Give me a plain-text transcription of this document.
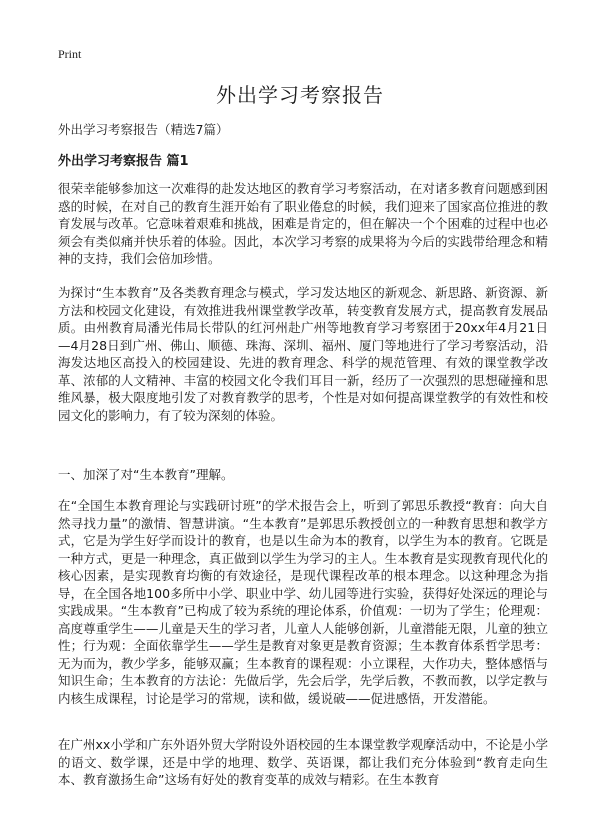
Print
外出学习考察报告

外出学习考察报告（精选7篇）

外出学习考察报告 篇1

很荣幸能够参加这一次难得的赴发达地区的教育学习考察活动，在对诸多教育问题感到困惑的时候，在对自己的教育生涯开始有了职业倦怠的时候，我们迎来了国家高位推进的教育发展与改革。它意味着艰难和挑战，困难是肯定的，但在解决一个个困难的过程中也必须会有类似痛并快乐着的体验。因此，本次学习考察的成果将为今后的实践带给理念和精神的支持，我们会倍加珍惜。

为探讨“生本教育”及各类教育理念与模式，学习发达地区的新观念、新思路、新资源、新方法和校园文化建设，有效推进我州课堂教学改革，转变教育发展方式，提高教育发展品质。由州教育局潘光伟局长带队的红河州赴广州等地教育学习考察团于20xx年4月21日—4月28日到广州、佛山、顺德、珠海、深圳、福州、厦门等地进行了学习考察活动，沿海发达地区高投入的校园建设、先进的教育理念、科学的规范管理、有效的课堂教学改革、浓郁的人文精神、丰富的校园文化令我们耳目一新，经历了一次强烈的思想碰撞和思维风暴，极大限度地引发了对教育教学的思考，个性是对如何提高课堂教学的有效性和校园文化的影响力，有了较为深刻的体验。

一、加深了对“生本教育”理解。

在“全国生本教育理论与实践研讨班”的学术报告会上，听到了郭思乐教授“教育：向大自然寻找力量”的激情、智慧讲演。“生本教育”是郭思乐教授创立的一种教育思想和教学方式，它是为学生好学而设计的教育，也是以生命为本的教育，以学生为本的教育。它既是一种方式，更是一种理念，真正做到以学生为学习的主人。生本教育是实现教育现代化的核心因素，是实现教育均衡的有效途径，是现代课程改革的根本理念。以这种理念为指导，在全国各地100多所中小学、职业中学、幼儿园等进行实验，获得好处深远的理论与实践成果。“生本教育”已构成了较为系统的理论体系，价值观：一切为了学生；伦理观：高度尊重学生——儿童是天生的学习者，儿童人人能够创新，儿童潜能无限，儿童的独立性；行为观：全面依靠学生——学生是教育对象更是教育资源；生本教育体系哲学思考：无为而为，教少学多，能够双赢；生本教育的课程观：小立课程，大作功夫，整体感悟与知识生命；生本教育的方法论：先做后学，先会后学，先学后教，不教而教，以学定教与内核生成课程，讨论是学习的常规，读和做，缓说破——促进感悟，开发潜能。

在广州xx小学和广东外语外贸大学附设外语校园的生本课堂教学观摩活动中，不论是小学的语文、数学课，还是中学的地理、数学、英语课，都让我们充分体验到“教育走向生本、教育激扬生命”这场有好处的教育变革的成效与精彩。在生本教育
